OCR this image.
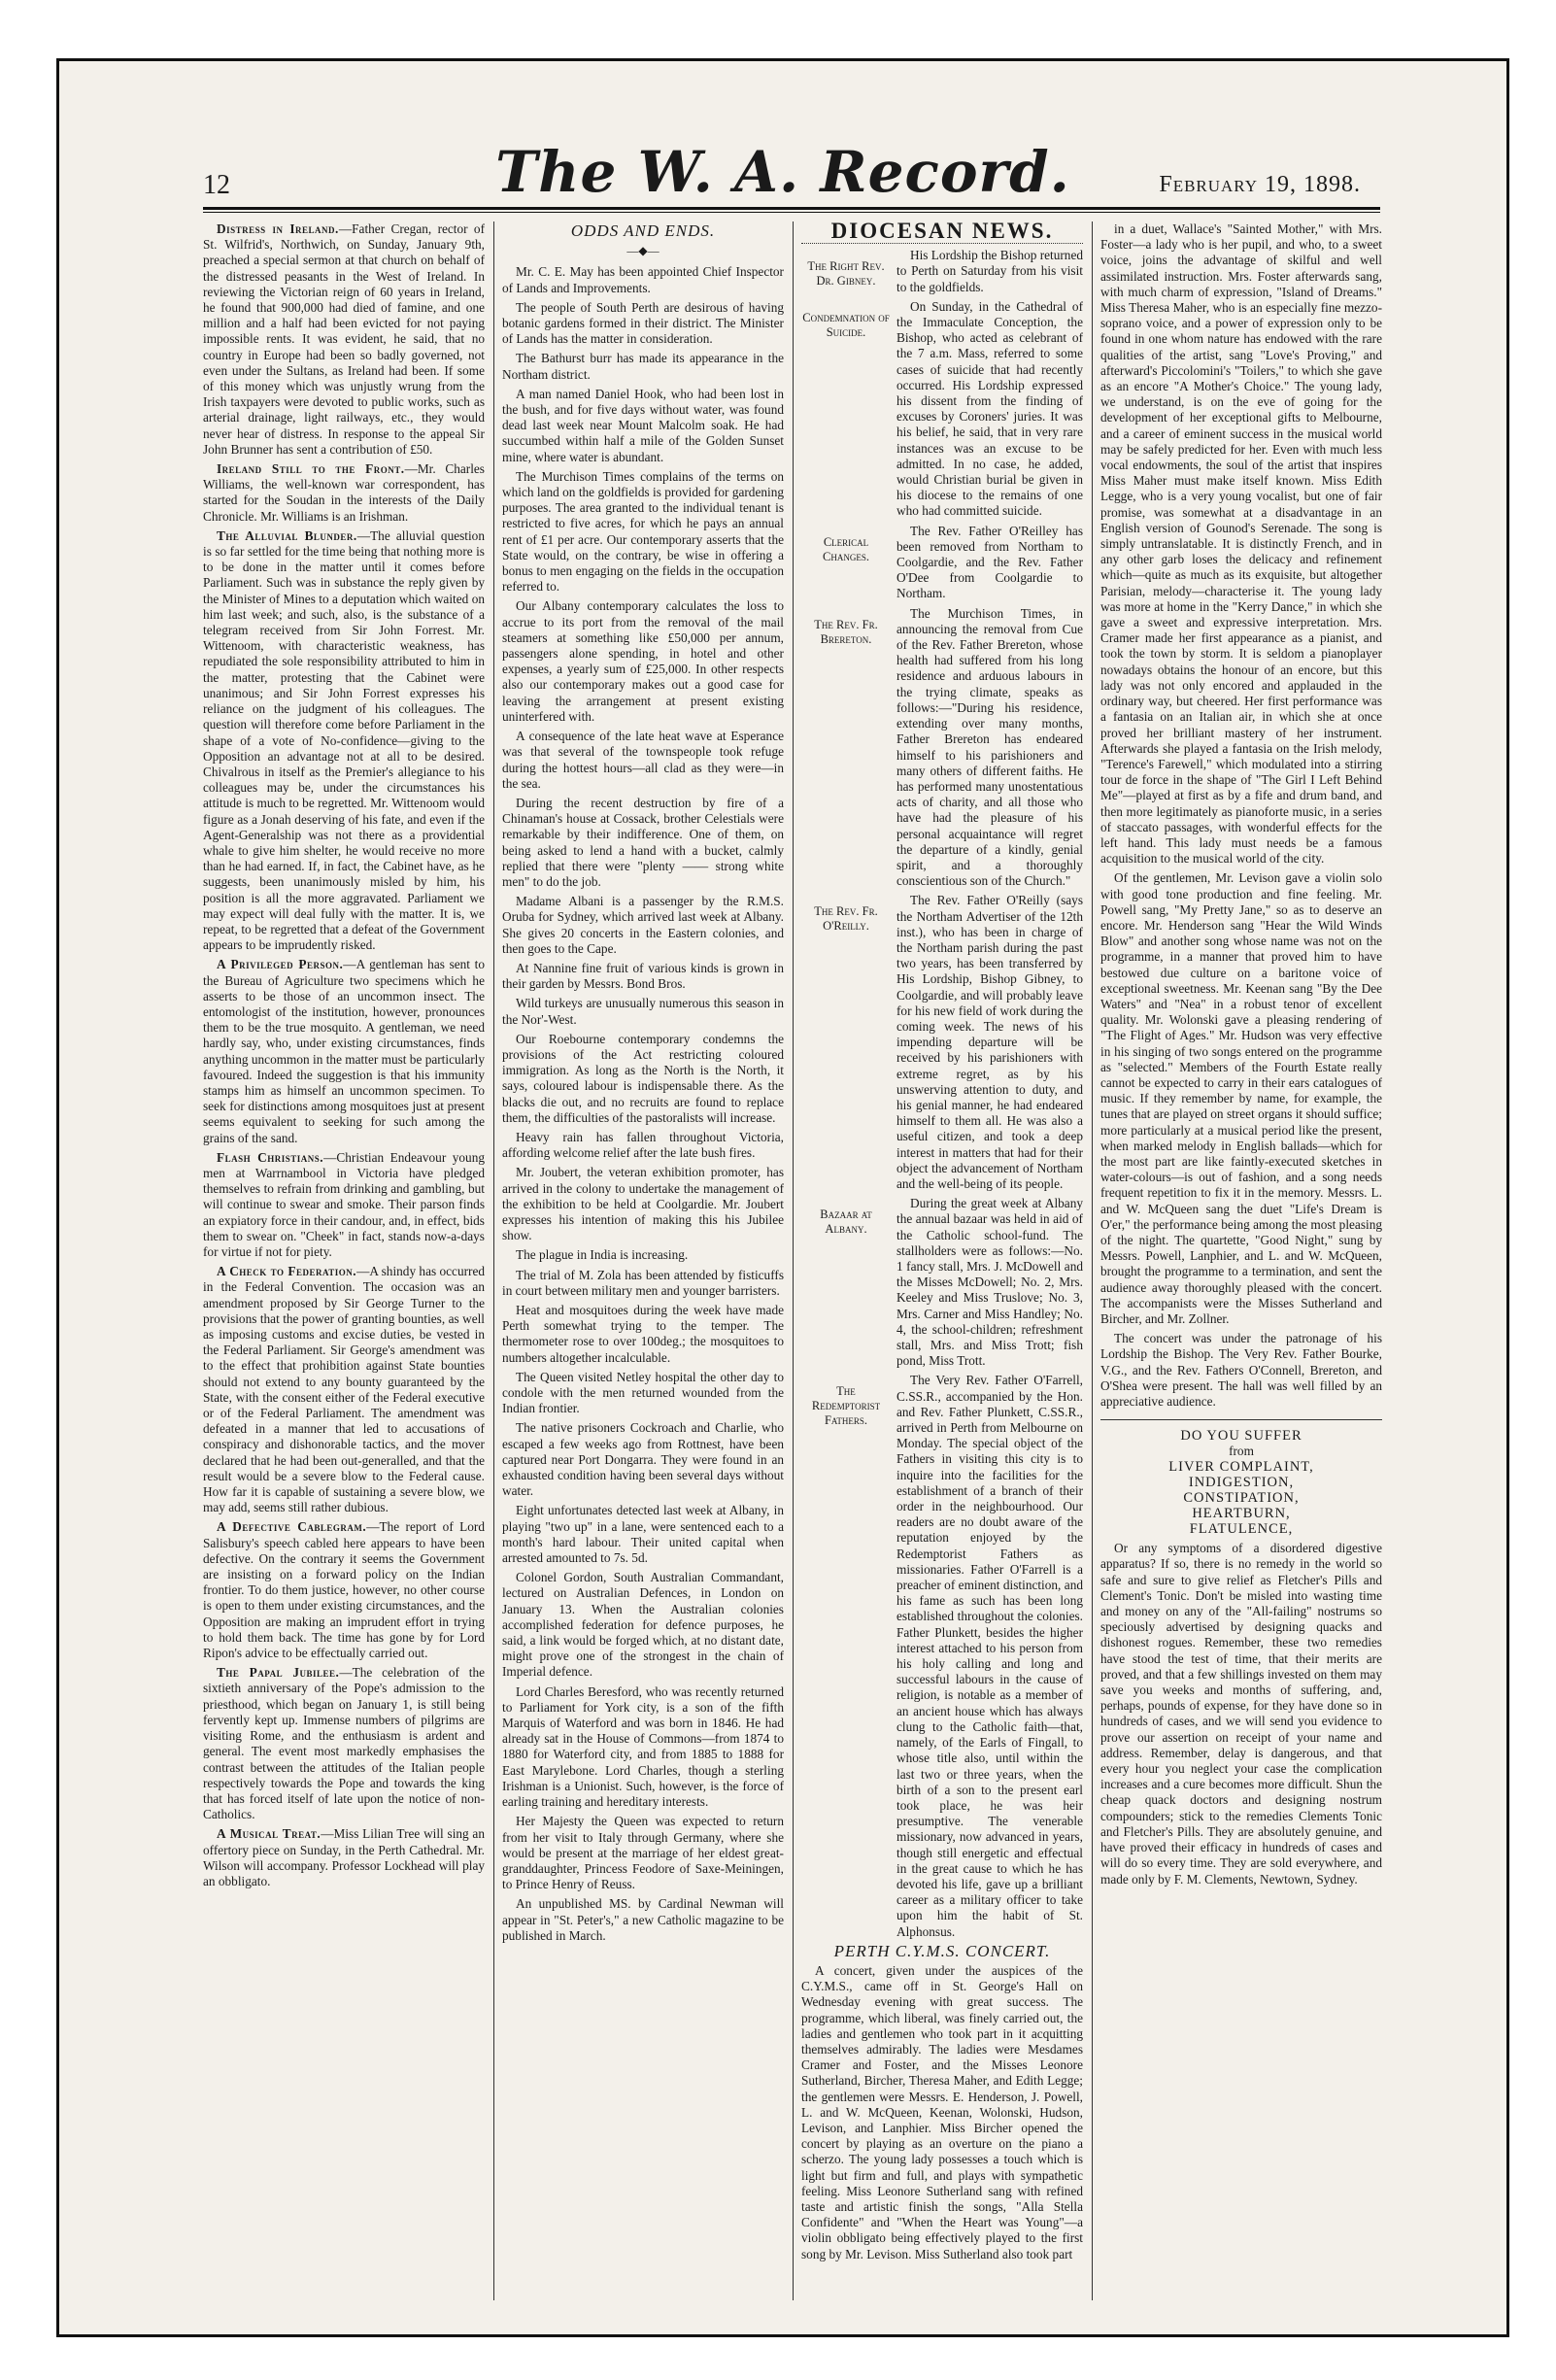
12	The W. A. Record.	February 19, 1898.

Distress in Ireland.—Father Cregan, rector of St. Wilfrid's, Northwich, on Sunday, January 9th, preached a special sermon at that church on behalf of the distressed peasants in the West of Ireland. In reviewing the Victorian reign of 60 years in Ireland, he found that 900,000 had died of famine, and one million and a half had been evicted for not paying impossible rents. It was evident, he said, that no country in Europe had been so badly governed, not even under the Sultans, as Ireland had been. If some of this money which was unjustly wrung from the Irish taxpayers were devoted to public works, such as arterial drainage, light railways, etc., they would never hear of distress. In response to the appeal Sir John Brunner has sent a contribution of £50.

Ireland Still to the Front.—Mr. Charles Williams, the well-known war correspondent, has started for the Soudan in the interests of the Daily Chronicle. Mr. Williams is an Irishman.

The Alluvial Blunder.—The alluvial question is so far settled for the time being that nothing more is to be done in the matter until it comes before Parliament. Such was in substance the reply given by the Minister of Mines to a deputation which waited on him last week; and such, also, is the substance of a telegram received from Sir John Forrest. Mr. Wittenoom, with characteristic weakness, has repudiated the sole responsibility attributed to him in the matter, protesting that the Cabinet were unanimous; and Sir John Forrest expresses his reliance on the judgment of his colleagues. The question will therefore come before Parliament in the shape of a vote of No-confidence—giving to the Opposition an advantage not at all to be desired. Chivalrous in itself as the Premier's allegiance to his colleagues may be, under the circumstances his attitude is much to be regretted. Mr. Wittenoom would figure as a Jonah deserving of his fate, and even if the Agent-Generalship was not there as a providential whale to give him shelter, he would receive no more than he had earned. If, in fact, the Cabinet have, as he suggests, been unanimously misled by him, his position is all the more aggravated. Parliament we may expect will deal fully with the matter. It is, we repeat, to be regretted that a defeat of the Government appears to be imprudently risked.

A Privileged Person.—A gentleman has sent to the Bureau of Agriculture two specimens which he asserts to be those of an uncommon insect. The entomologist of the institution, however, pronounces them to be the true mosquito. A gentleman, we need hardly say, who, under existing circumstances, finds anything uncommon in the matter must be particularly favoured. Indeed the suggestion is that his immunity stamps him as himself an uncommon specimen. To seek for distinctions among mosquitoes just at present seems equivalent to seeking for such among the grains of the sand.

Flash Christians.—Christian Endeavour young men at Warrnambool in Victoria have pledged themselves to refrain from drinking and gambling, but will continue to swear and smoke. Their parson finds an expiatory force in their candour, and, in effect, bids them to swear on. "Cheek" in fact, stands now-a-days for virtue if not for piety.

A Check to Federation.—A shindy has occurred in the Federal Convention. The occasion was an amendment proposed by Sir George Turner to the provisions that the power of granting bounties, as well as imposing customs and excise duties, be vested in the Federal Parliament. Sir George's amendment was to the effect that prohibition against State bounties should not extend to any bounty guaranteed by the State, with the consent either of the Federal executive or of the Federal Parliament. The amendment was defeated in a manner that led to accusations of conspiracy and dishonorable tactics, and the mover declared that he had been out-generalled, and that the result would be a severe blow to the Federal cause. How far it is capable of sustaining a severe blow, we may add, seems still rather dubious.

A Defective Cablegram.—The report of Lord Salisbury's speech cabled here appears to have been defective. On the contrary it seems the Government are insisting on a forward policy on the Indian frontier. To do them justice, however, no other course is open to them under existing circumstances, and the Opposition are making an imprudent effort in trying to hold them back. The time has gone by for Lord Ripon's advice to be effectually carried out.

The Papal Jubilee.—The celebration of the sixtieth anniversary of the Pope's admission to the priesthood, which began on January 1, is still being fervently kept up. Immense numbers of pilgrims are visiting Rome, and the enthusiasm is ardent and general. The event most markedly emphasises the contrast between the attitudes of the Italian people respectively towards the Pope and towards the king that has forced itself of late upon the notice of non-Catholics.

A Musical Treat.—Miss Lilian Tree will sing an offertory piece on Sunday, in the Perth Cathedral. Mr. Wilson will accompany. Professor Lockhead will play an obbligato.

ODDS AND ENDS.

—◆—

Mr. C. E. May has been appointed Chief Inspector of Lands and Improvements.

The people of South Perth are desirous of having botanic gardens formed in their district. The Minister of Lands has the matter in consideration.

The Bathurst burr has made its appearance in the Northam district.

A man named Daniel Hook, who had been lost in the bush, and for five days without water, was found dead last week near Mount Malcolm soak. He had succumbed within half a mile of the Golden Sunset mine, where water is abundant.

The Murchison Times complains of the terms on which land on the goldfields is provided for gardening purposes. The area granted to the individual tenant is restricted to five acres, for which he pays an annual rent of £1 per acre. Our contemporary asserts that the State would, on the contrary, be wise in offering a bonus to men engaging on the fields in the occupation referred to.

Our Albany contemporary calculates the loss to accrue to its port from the removal of the mail steamers at something like £50,000 per annum, passengers alone spending, in hotel and other expenses, a yearly sum of £25,000. In other respects also our contemporary makes out a good case for leaving the arrangement at present existing uninterfered with.

A consequence of the late heat wave at Esperance was that several of the townspeople took refuge during the hottest hours—all clad as they were—in the sea.

During the recent destruction by fire of a Chinaman's house at Cossack, brother Celestials were remarkable by their indifference. One of them, on being asked to lend a hand with a bucket, calmly replied that there were "plenty —— strong white men" to do the job.

Madame Albani is a passenger by the R.M.S. Oruba for Sydney, which arrived last week at Albany. She gives 20 concerts in the Eastern colonies, and then goes to the Cape.

At Nannine fine fruit of various kinds is grown in their garden by Messrs. Bond Bros.

Wild turkeys are unusually numerous this season in the Nor'-West.

Our Roebourne contemporary condemns the provisions of the Act restricting coloured immigration. As long as the North is the North, it says, coloured labour is indispensable there. As the blacks die out, and no recruits are found to replace them, the difficulties of the pastoralists will increase.

Heavy rain has fallen throughout Victoria, affording welcome relief after the late bush fires.

Mr. Joubert, the veteran exhibition promoter, has arrived in the colony to undertake the management of the exhibition to be held at Coolgardie. Mr. Joubert expresses his intention of making this his Jubilee show.

The plague in India is increasing.

The trial of M. Zola has been attended by fisticuffs in court between military men and younger barristers.

Heat and mosquitoes during the week have made Perth somewhat trying to the temper. The thermometer rose to over 100deg.; the mosquitoes to numbers altogether incalculable.

The Queen visited Netley hospital the other day to condole with the men returned wounded from the Indian frontier.

The native prisoners Cockroach and Charlie, who escaped a few weeks ago from Rottnest, have been captured near Port Dongarra. They were found in an exhausted condition having been several days without water.

Eight unfortunates detected last week at Albany, in playing "two up" in a lane, were sentenced each to a month's hard labour. Their united capital when arrested amounted to 7s. 5d.

Colonel Gordon, South Australian Commandant, lectured on Australian Defences, in London on January 13. When the Australian colonies accomplished federation for defence purposes, he said, a link would be forged which, at no distant date, might prove one of the strongest in the chain of Imperial defence.

Lord Charles Beresford, who was recently returned to Parliament for York city, is a son of the fifth Marquis of Waterford and was born in 1846. He had already sat in the House of Commons—from 1874 to 1880 for Waterford city, and from 1885 to 1888 for East Marylebone. Lord Charles, though a sterling Irishman is a Unionist. Such, however, is the force of earling training and hereditary interests.

Her Majesty the Queen was expected to return from her visit to Italy through Germany, where she would be present at the marriage of her eldest great-granddaughter, Princess Feodore of Saxe-Meiningen, to Prince Henry of Reuss.

An unpublished MS. by Cardinal Newman will appear in "St. Peter's," a new Catholic magazine to be published in March.

DIOCESAN NEWS.

The Right Rev. Dr. Gibney.
His Lordship the Bishop returned to Perth on Saturday from his visit to the goldfields.
Condemnation of Suicide.
On Sunday, in the Cathedral of the Immaculate Conception, the Bishop, who acted as celebrant of the 7 a.m. Mass, referred to some cases of suicide that had recently occurred. His Lordship expressed his dissent from the finding of excuses by Coroners' juries. It was his belief, he said, that in very rare instances was an excuse to be admitted. In no case, he added, would Christian burial be given in his diocese to the remains of one who had committed suicide.
Clerical Changes.
The Rev. Father O'Reilley has been removed from Northam to Coolgardie, and the Rev. Father O'Dee from Coolgardie to Northam.
The Rev. Fr. Brereton.
The Murchison Times, in announcing the removal from Cue of the Rev. Father Brereton, whose health had suffered from his long residence and arduous labours in the trying climate, speaks as follows:—"During his residence, extending over many months, Father Brereton has endeared himself to his parishioners and many others of different faiths. He has performed many unostentatious acts of charity, and all those who have had the pleasure of his personal acquaintance will regret the departure of a kindly, genial spirit, and a thoroughly conscientious son of the Church."
The Rev. Fr. O'Reilly.
The Rev. Father O'Reilly (says the Northam Advertiser of the 12th inst.), who has been in charge of the Northam parish during the past two years, has been transferred by His Lordship, Bishop Gibney, to Coolgardie, and will probably leave for his new field of work during the coming week. The news of his impending departure will be received by his parishioners with extreme regret, as by his unswerving attention to duty, and his genial manner, he had endeared himself to them all. He was also a useful citizen, and took a deep interest in matters that had for their object the advancement of Northam and the well-being of its people.
Bazaar at Albany.
During the great week at Albany the annual bazaar was held in aid of the Catholic school-fund. The stallholders were as follows:—No. 1 fancy stall, Mrs. J. McDowell and the Misses McDowell; No. 2, Mrs. Keeley and Miss Truslove; No. 3, Mrs. Carner and Miss Handley; No. 4, the school-children; refreshment stall, Mrs. and Miss Trott; fish pond, Miss Trott.
The Redemptorist Fathers.
The Very Rev. Father O'Farrell, C.SS.R., accompanied by the Hon. and Rev. Father Plunkett, C.SS.R., arrived in Perth from Melbourne on Monday. The special object of the Fathers in visiting this city is to inquire into the facilities for the establishment of a branch of their order in the neighbourhood. Our readers are no doubt aware of the reputation enjoyed by the Redemptorist Fathers as missionaries. Father O'Farrell is a preacher of eminent distinction, and his fame as such has been long established throughout the colonies. Father Plunkett, besides the higher interest attached to his person from his holy calling and long and successful labours in the cause of religion, is notable as a member of an ancient house which has always clung to the Catholic faith—that, namely, of the Earls of Fingall, to whose title also, until within the last two or three years, when the birth of a son to the present earl took place, he was heir presumptive. The venerable missionary, now advanced in years, though still energetic and effectual in the great cause to which he has devoted his life, gave up a brilliant career as a military officer to take upon him the habit of St. Alphonsus.

PERTH C.Y.M.S. CONCERT.

A concert, given under the auspices of the C.Y.M.S., came off in St. George's Hall on Wednesday evening with great success. The programme, which liberal, was finely carried out, the ladies and gentlemen who took part in it acquitting themselves admirably. The ladies were Mesdames Cramer and Foster, and the Misses Leonore Sutherland, Bircher, Theresa Maher, and Edith Legge; the gentlemen were Messrs. E. Henderson, J. Powell, L. and W. McQueen, Keenan, Wolonski, Hudson, Levison, and Lanphier. Miss Bircher opened the concert by playing as an overture on the piano a scherzo. The young lady possesses a touch which is light but firm and full, and plays with sympathetic feeling. Miss Leonore Sutherland sang with refined taste and artistic finish the songs, "Alla Stella Confidente" and "When the Heart was Young"—a violin obbligato being effectively played to the first song by Mr. Levison. Miss Sutherland also took part

in a duet, Wallace's "Sainted Mother," with Mrs. Foster—a lady who is her pupil, and who, to a sweet voice, joins the advantage of skilful and well assimilated instruction. Mrs. Foster afterwards sang, with much charm of expression, "Island of Dreams." Miss Theresa Maher, who is an especially fine mezzo-soprano voice, and a power of expression only to be found in one whom nature has endowed with the rare qualities of the artist, sang "Love's Proving," and afterward's Piccolomini's "Toilers," to which she gave as an encore "A Mother's Choice." The young lady, we understand, is on the eve of going for the development of her exceptional gifts to Melbourne, and a career of eminent success in the musical world may be safely predicted for her. Even with much less vocal endowments, the soul of the artist that inspires Miss Maher must make itself known. Miss Edith Legge, who is a very young vocalist, but one of fair promise, was somewhat at a disadvantage in an English version of Gounod's Serenade. The song is simply untranslatable. It is distinctly French, and in any other garb loses the delicacy and refinement which—quite as much as its exquisite, but altogether Parisian, melody—characterise it. The young lady was more at home in the "Kerry Dance," in which she gave a sweet and expressive interpretation. Mrs. Cramer made her first appearance as a pianist, and took the town by storm. It is seldom a pianoplayer nowadays obtains the honour of an encore, but this lady was not only encored and applauded in the ordinary way, but cheered. Her first performance was a fantasia on an Italian air, in which she at once proved her brilliant mastery of her instrument. Afterwards she played a fantasia on the Irish melody, "Terence's Farewell," which modulated into a stirring tour de force in the shape of "The Girl I Left Behind Me"—played at first as by a fife and drum band, and then more legitimately as pianoforte music, in a series of staccato passages, with wonderful effects for the left hand. This lady must needs be a famous acquisition to the musical world of the city.

Of the gentlemen, Mr. Levison gave a violin solo with good tone production and fine feeling. Mr. Powell sang, "My Pretty Jane," so as to deserve an encore. Mr. Henderson sang "Hear the Wild Winds Blow" and another song whose name was not on the programme, in a manner that proved him to have bestowed due culture on a baritone voice of exceptional sweetness. Mr. Keenan sang "By the Dee Waters" and "Nea" in a robust tenor of excellent quality. Mr. Wolonski gave a pleasing rendering of "The Flight of Ages." Mr. Hudson was very effective in his singing of two songs entered on the programme as "selected." Members of the Fourth Estate really cannot be expected to carry in their ears catalogues of music. If they remember by name, for example, the tunes that are played on street organs it should suffice; more particularly at a musical period like the present, when marked melody in English ballads—which for the most part are like faintly-executed sketches in water-colours—is out of fashion, and a song needs frequent repetition to fix it in the memory. Messrs. L. and W. McQueen sang the duet "Life's Dream is O'er," the performance being among the most pleasing of the night. The quartette, "Good Night," sung by Messrs. Powell, Lanphier, and L. and W. McQueen, brought the programme to a termination, and sent the audience away thoroughly pleased with the concert. The accompanists were the Misses Sutherland and Bircher, and Mr. Zollner.

The concert was under the patronage of his Lordship the Bishop. The Very Rev. Father Bourke, V.G., and the Rev. Fathers O'Connell, Brereton, and O'Shea were present. The hall was well filled by an appreciative audience.

DO YOU SUFFER
from
LIVER COMPLAINT,
INDIGESTION,
CONSTIPATION,
HEARTBURN,
FLATULENCE,
Or any symptoms of a disordered digestive apparatus? If so, there is no remedy in the world so safe and sure to give relief as Fletcher's Pills and Clement's Tonic. Don't be misled into wasting time and money on any of the "All-failing" nostrums so speciously advertised by designing quacks and dishonest rogues. Remember, these two remedies have stood the test of time, that their merits are proved, and that a few shillings invested on them may save you weeks and months of suffering, and, perhaps, pounds of expense, for they have done so in hundreds of cases, and we will send you evidence to prove our assertion on receipt of your name and address. Remember, delay is dangerous, and that every hour you neglect your case the complication increases and a cure becomes more difficult. Shun the cheap quack doctors and designing nostrum compounders; stick to the remedies Clements Tonic and Fletcher's Pills. They are absolutely genuine, and have proved their efficacy in hundreds of cases and will do so every time. They are sold everywhere, and made only by F. M. Clements, Newtown, Sydney.
